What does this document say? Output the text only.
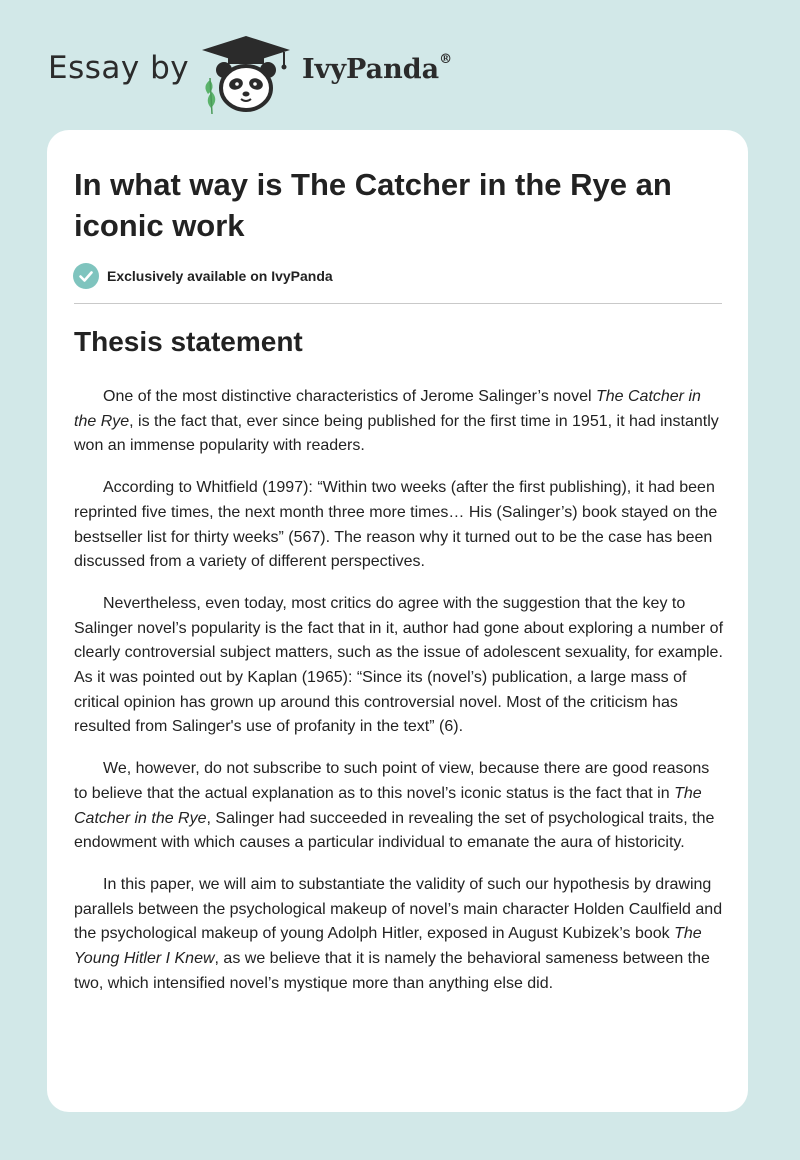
Essay by	IvyPanda®
In what way is The Catcher in the Rye an iconic work
Exclusively available on IvyPanda
Thesis statement

One of the most distinctive characteristics of Jerome Salinger’s novel The Catcher in the Rye, is the fact that, ever since being published for the first time in 1951, it had instantly won an immense popularity with readers.

According to Whitfield (1997): “Within two weeks (after the first publishing), it had been reprinted five times, the next month three more times… His (Salinger’s) book stayed on the bestseller list for thirty weeks” (567). The reason why it turned out to be the case has been discussed from a variety of different perspectives.

Nevertheless, even today, most critics do agree with the suggestion that the key to Salinger novel’s popularity is the fact that in it, author had gone about exploring a number of clearly controversial subject matters, such as the issue of adolescent sexuality, for example. As it was pointed out by Kaplan (1965): “Since its (novel’s) publication, a large mass of critical opinion has grown up around this controversial novel. Most of the criticism has resulted from Salinger's use of profanity in the text” (6).

We, however, do not subscribe to such point of view, because there are good reasons to believe that the actual explanation as to this novel’s iconic status is the fact that in The Catcher in the Rye, Salinger had succeeded in revealing the set of psychological traits, the endowment with which causes a particular individual to emanate the aura of historicity.

In this paper, we will aim to substantiate the validity of such our hypothesis by drawing parallels between the psychological makeup of novel’s main character Holden Caulfield and the psychological makeup of young Adolph Hitler, exposed in August Kubizek’s book The Young Hitler I Knew, as we believe that it is namely the behavioral sameness between the two, which intensified novel’s mystique more than anything else did.
